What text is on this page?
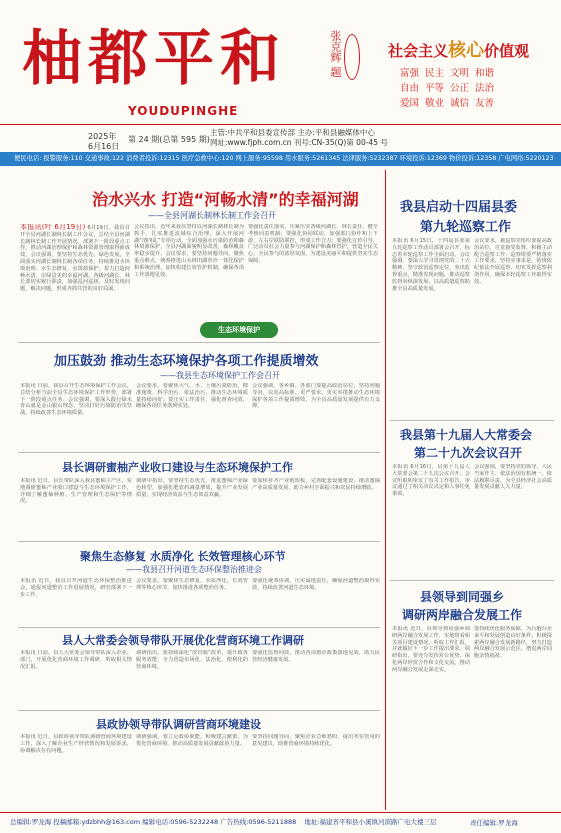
柚都平和
YOUDUPINGHE
张克辉 题	社会主义核心价值观
富强 民主 文明 和谐
自由 平等 公正 法治
爱国 敬业 诚信 友善
2025年
6月16日
第 24 期(总第 595 期)
主管:中共平和县委宣传部 主办:平和县融媒体中心
网址:www.fjph.com.cn 刊号:CN-35(Q)第 00-45 号
便民电话: 报警服务:110 交通事故:122 消费者投诉:12315 医疗急救中心:120 网上服务:95598 用水服务:5261345 法律服务:5232387 环境投诉:12369 物价投诉:12358 广电网络:5220123
治水兴水 打造“河畅水清”的幸福河湖
——全县河湖长制林长制工作会召开
本报讯(叶 6月19日) 6月19日，我县召开全县河湖长制林长制工作会议，总结全县河湖长制林长制工作开展情况，部署下一阶段重点工作，推动河湖治理保护和森林资源管理取得新成效。会议强调，要坚持生态优先、绿色发展，全面落实河湖长制林长制各项任务，持续推进水环境治理、水生态修复、水资源保护，着力打造河畅水清、岸绿景美的幸福河湖。各级河湖长、林长要切实履行职责，加强巡河巡林，及时发现问题、解决问题，形成齐抓共管的良好局面。
会议指出，近年来我县坚持以河湖长制林长制为抓手，扎实推进流域综合治理，深入开展河湖“清四乱”专项行动，全面加强水污染防治和森林资源保护，全县河湖面貌明显改善，森林覆盖率稳步提升。会议要求，要坚持问题导向，聚焦重点难点，统筹推进山水林田湖草沙一体化保护和系统治理，加快构建长效管护机制，确保各项工作落地见效。
要强化责任落实，压紧压实各级河湖长、林长责任，健全考核问责机制；要强化协同联动，加强部门协作和上下游、左右岸联防联控，形成工作合力；要强化宣传引导，广泛动员社会力量参与河湖保护和森林管护，营造全民关心、全民参与的浓厚氛围，为建设美丽平和提供坚实生态保障。
生态环境保护
加压鼓劲 推动生态环境保护各项工作提质增效
——我县生态环境保护工作会召开
本报讯 日前，我县召开生态环境保护工作会议，总结分析当前全县生态环境保护工作形势，部署下一阶段重点任务。会议强调，要深入践行绿水青山就是金山银山理念，坚决打好污染防治攻坚战，持续改善生态环境质量。
会议要求，要聚焦大气、水、土壤污染防治，精准施策、科学治污、依法治污，推动生态环境质量持续向好；要压实工作责任，强化督查问效，确保各项任务落到实处。
会议强调，各乡镇、各部门要提高政治站位，坚持问题导向，以更高标准、更严要求、更实举措推动生态环境保护各项工作提质增效，为全县高质量发展提供有力支撑。
县长调研蜜柚产业收口建设与生态环境保护工作
本报讯 近日，县长带队深入我县蜜柚主产区，实地调研蜜柚产业收口建设与生态环境保护工作，详细了解蜜柚种植、生产管理和生态保护等情况。
调研中指出，要坚持生态优先，推进蜜柚产业绿色转型，加强化肥农药减量增效，提升产业发展质量，实现经济效益与生态效益双赢。
要加快补齐产业链短板，完善配套设施建设，推动蜜柚产业高质量发展，助力乡村全面振兴和农民持续增收。
聚焦生态修复 水质净化 长效管理核心环节
——我县召开河道生态环保整治推进会
本报讯 近日，我县召开河道生态环保整治推进会，通报河道整治工作进展情况，研究部署下一步工作。
会议要求，要聚焦生态修复、水质净化、长效管理等核心环节，加快推进各项整治任务。
要强化统筹协调，压实属地责任，确保河道整治取得实效，持续改善河道生态环境。
县人大常委会领导带队开展优化营商环境工作调研
本报讯 日前，县人大常委会领导带队深入企业、部门，开展优化营商环境工作调研，听取相关情况汇报。
调研指出，要持续深化“放管服”改革，提升政务服务效能，全力营造市场化、法治化、便利化的营商环境。
要强化监督问效，推动各项惠企政策落地见效，助力民营经济健康发展。
县政协领导带队调研营商环境建设
本报讯 近日，县政协领导带队调研营商环境建设工作，深入了解企业生产经营情况和发展诉求，协调解决存在问题。
调研强调，要立足政协职能，积极建言献策，为优化营商环境、推动高质量发展贡献政协力量。
要坚持问题导向，聚焦企业急难愁盼，提出务实管用的意见建议，助推营商环境持续优化。
我县启动十四届县委
第九轮巡察工作
本报讯 6月15日，十四届县委第九轮巡察工作动员部署会召开，标志着本轮巡察工作全面启动。会议强调，要深入学习贯彻党的二十大精神，坚守政治巡察定位，突出监督重点，精准发现问题，推动巡察监督向纵深发展，以高质量巡察助推全县高质量发展。
会议要求，被巡察党组织要提高政治站位，自觉接受监督，积极主动配合巡察工作；巡察组要严格落实工作要求，坚持实事求是，依规依纪依法开展巡察，切实发挥巡察利剑作用，确保本轮巡察工作取得实效。
我县第十九届人大常委会
第二十九次会议召开
本报讯 6月16日，县第十九届人大常委会第二十九次会议召开。会议听取和审议了有关工作报告，审议通过了相关决议决定和人事任免事项。
会议强调，要坚持党的领导、人民当家作主、依法治国有机统一，依法履职尽责，为全县经济社会高质量发展贡献人大力量。
县领导到同强乡
调研两岸融合发展工作
本报讯 近日，县领导到同强乡调研两岸融合发展工作，实地察看相关项目建设情况，听取工作汇报，并就做好下一步工作提出要求。调研指出，要充分发挥对台优势，深化两岸经贸合作和文化交流，推动两岸融合发展走深走实。
要持续优化服务保障，为台胞台企来平和发展创造良好条件，积极探索两岸融合发展新路径，努力打造两岸融合发展示范区，增进两岸同胞亲情福祉。
总编辑:罗龙海 投稿邮箱:ydzbhh@163.com 编辑电话:0596-5232248 广告热线:0596-5211888 地址:福建省平和县小溪镇河滨路广电大楼三层	责任编辑:罗龙海
